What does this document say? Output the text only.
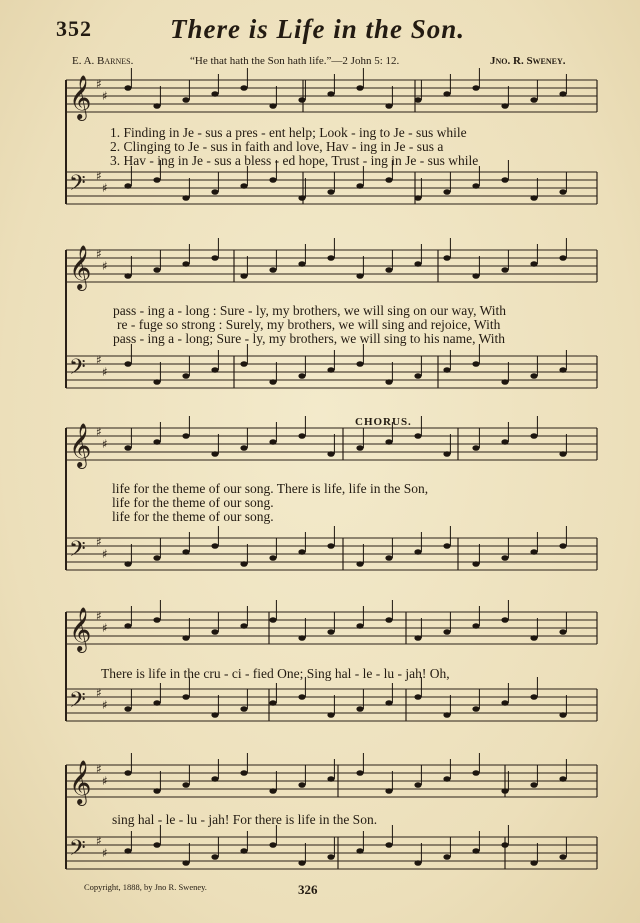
352	There is Life in the Son.
E. A. Barnes.	“He that hath the Son hath life.”—2 John 5: 12.	Jno. R. Sweney.
𝄞 ♯
♯
𝄢 ♯
♯
𝄞 ♯
♯
𝄢 ♯
♯
𝄞 ♯
♯
𝄢 ♯
♯
𝄞 ♯
♯
𝄢 ♯
♯
𝄞 ♯
♯
𝄢 ♯
♯
1. Finding in Je - sus a pres - ent help; Look - ing to Je - sus while
2. Clinging to Je - sus in faith and love, Hav - ing in Je - sus a
3. Hav - ing in Je - sus a bless - ed hope, Trust - ing in Je - sus while
pass - ing a - long : Sure - ly, my brothers, we will sing on our way, With
re - fuge so strong : Surely, my brothers, we will sing and rejoice, With
pass - ing a - long; Sure - ly, my brothers, we will sing to his name, With
CHORUS.
life for the theme of our song. There is life, life in the Son,
life for the theme of our song.
life for the theme of our song.
There is life in the cru - ci - fied One; Sing hal - le - lu - jah! Oh,
sing hal - le - lu - jah! For there is life in the Son.
Copyright, 1888, by Jno R. Sweney.	326
